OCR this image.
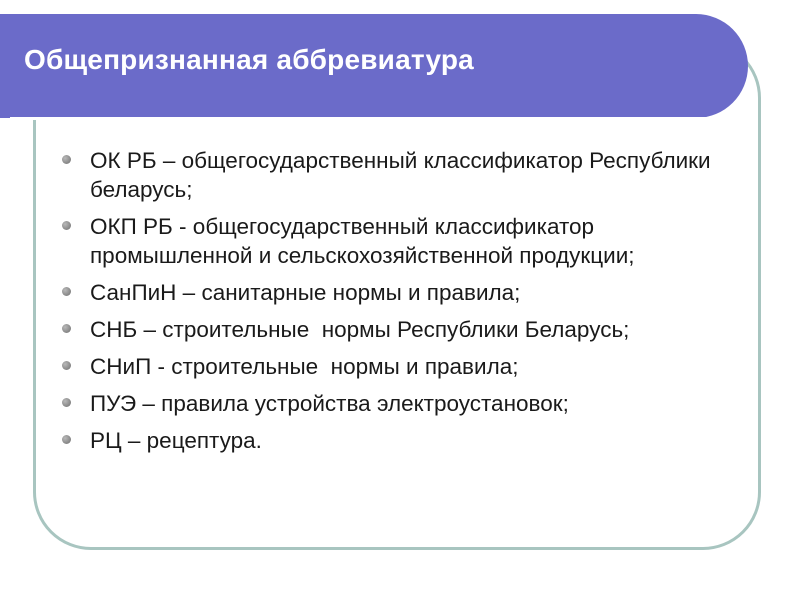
Общепризнанная аббревиатура
ОК РБ – общегосударственный классификатор Республики беларусь;
ОКП РБ - общегосударственный классификатор промышленной и сельскохозяйственной продукции;
СанПиН – санитарные нормы и правила;
СНБ – строительные  нормы Республики Беларусь;
СНиП - строительные  нормы и правила;
ПУЭ – правила устройства электроустановок;
РЦ – рецептура.
